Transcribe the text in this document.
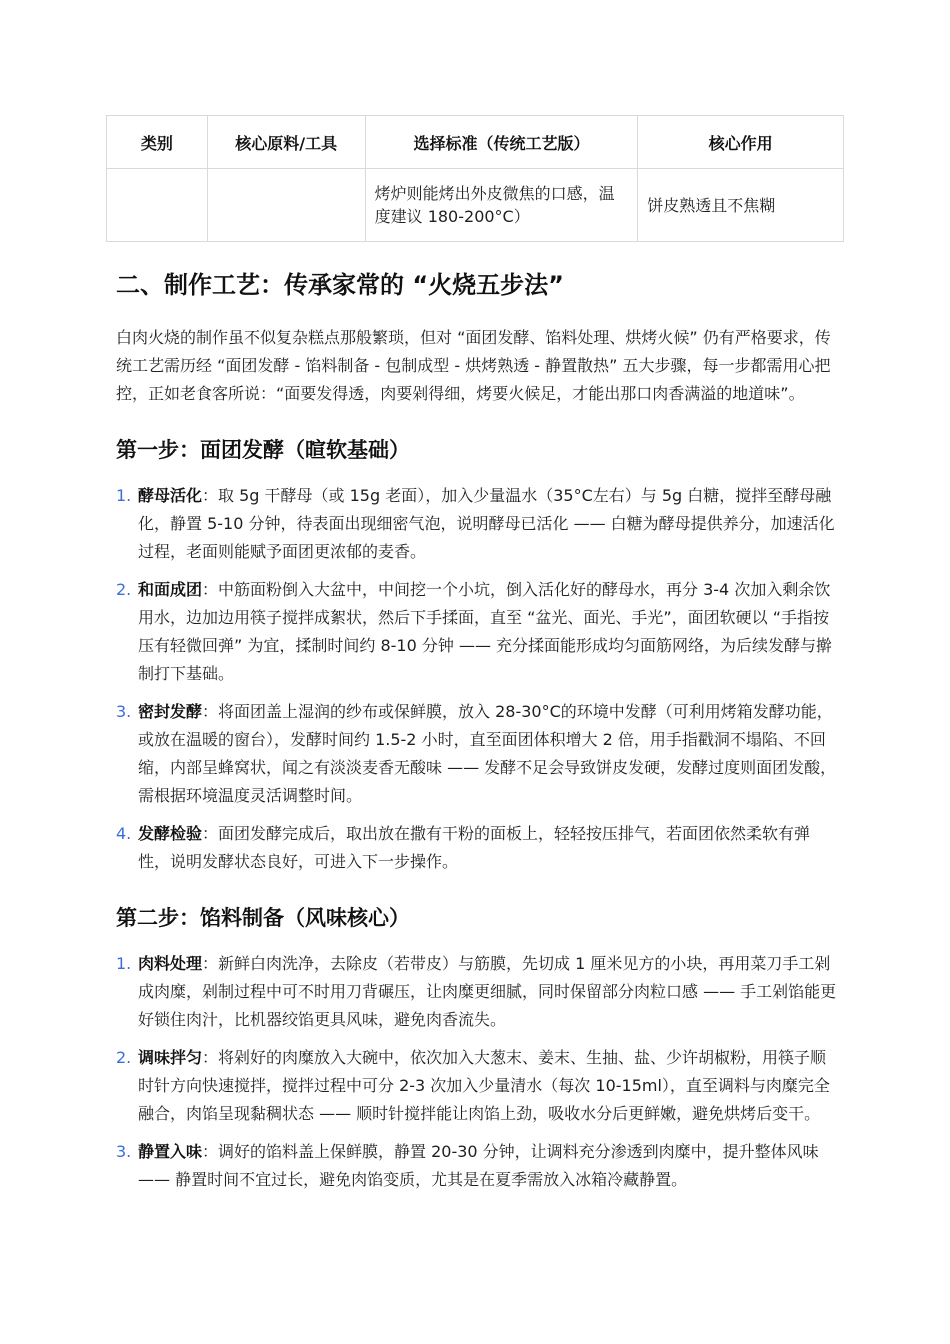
类别	核心原料/工具	选择标准（传统工艺版）	核心作用
		烤炉则能烤出外皮微焦的口感，温度建议 180-200°C）	饼皮熟透且不焦糊
二、制作工艺：传承家常的 “火烧五步法”

白肉火烧的制作虽不似复杂糕点那般繁琐，但对 “面团发酵、馅料处理、烘烤火候” 仍有严格要求，传统工艺需历经 “面团发酵 - 馅料制备 - 包制成型 - 烘烤熟透 - 静置散热” 五大步骤，每一步都需用心把控，正如老食客所说：“面要发得透，肉要剁得细，烤要火候足，才能出那口肉香满溢的地道味”。

第一步：面团发酵（暄软基础）
1. 酵母活化：取 5g 干酵母（或 15g 老面），加入少量温水（35°C左右）与 5g 白糖，搅拌至酵母融化，静置 5-10 分钟，待表面出现细密气泡，说明酵母已活化 —— 白糖为酵母提供养分，加速活化过程，老面则能赋予面团更浓郁的麦香。
2. 和面成团：中筋面粉倒入大盆中，中间挖一个小坑，倒入活化好的酵母水，再分 3-4 次加入剩余饮用水，边加边用筷子搅拌成絮状，然后下手揉面，直至 “盆光、面光、手光”，面团软硬以 “手指按压有轻微回弹” 为宜，揉制时间约 8-10 分钟 —— 充分揉面能形成均匀面筋网络，为后续发酵与擀制打下基础。
3. 密封发酵：将面团盖上湿润的纱布或保鲜膜，放入 28-30°C的环境中发酵（可利用烤箱发酵功能，或放在温暖的窗台），发酵时间约 1.5-2 小时，直至面团体积增大 2 倍，用手指戳洞不塌陷、不回缩，内部呈蜂窝状，闻之有淡淡麦香无酸味 —— 发酵不足会导致饼皮发硬，发酵过度则面团发酸，需根据环境温度灵活调整时间。
4. 发酵检验：面团发酵完成后，取出放在撒有干粉的面板上，轻轻按压排气，若面团依然柔软有弹性，说明发酵状态良好，可进入下一步操作。
第二步：馅料制备（风味核心）
1. 肉料处理：新鲜白肉洗净，去除皮（若带皮）与筋膜，先切成 1 厘米见方的小块，再用菜刀手工剁成肉糜，剁制过程中可不时用刀背碾压，让肉糜更细腻，同时保留部分肉粒口感 —— 手工剁馅能更好锁住肉汁，比机器绞馅更具风味，避免肉香流失。
2. 调味拌匀：将剁好的肉糜放入大碗中，依次加入大葱末、姜末、生抽、盐、少许胡椒粉，用筷子顺时针方向快速搅拌，搅拌过程中可分 2-3 次加入少量清水（每次 10-15ml），直至调料与肉糜完全融合，肉馅呈现黏稠状态 —— 顺时针搅拌能让肉馅上劲，吸收水分后更鲜嫩，避免烘烤后变干。
3. 静置入味：调好的馅料盖上保鲜膜，静置 20-30 分钟，让调料充分渗透到肉糜中，提升整体风味 —— 静置时间不宜过长，避免肉馅变质，尤其是在夏季需放入冰箱冷藏静置。
